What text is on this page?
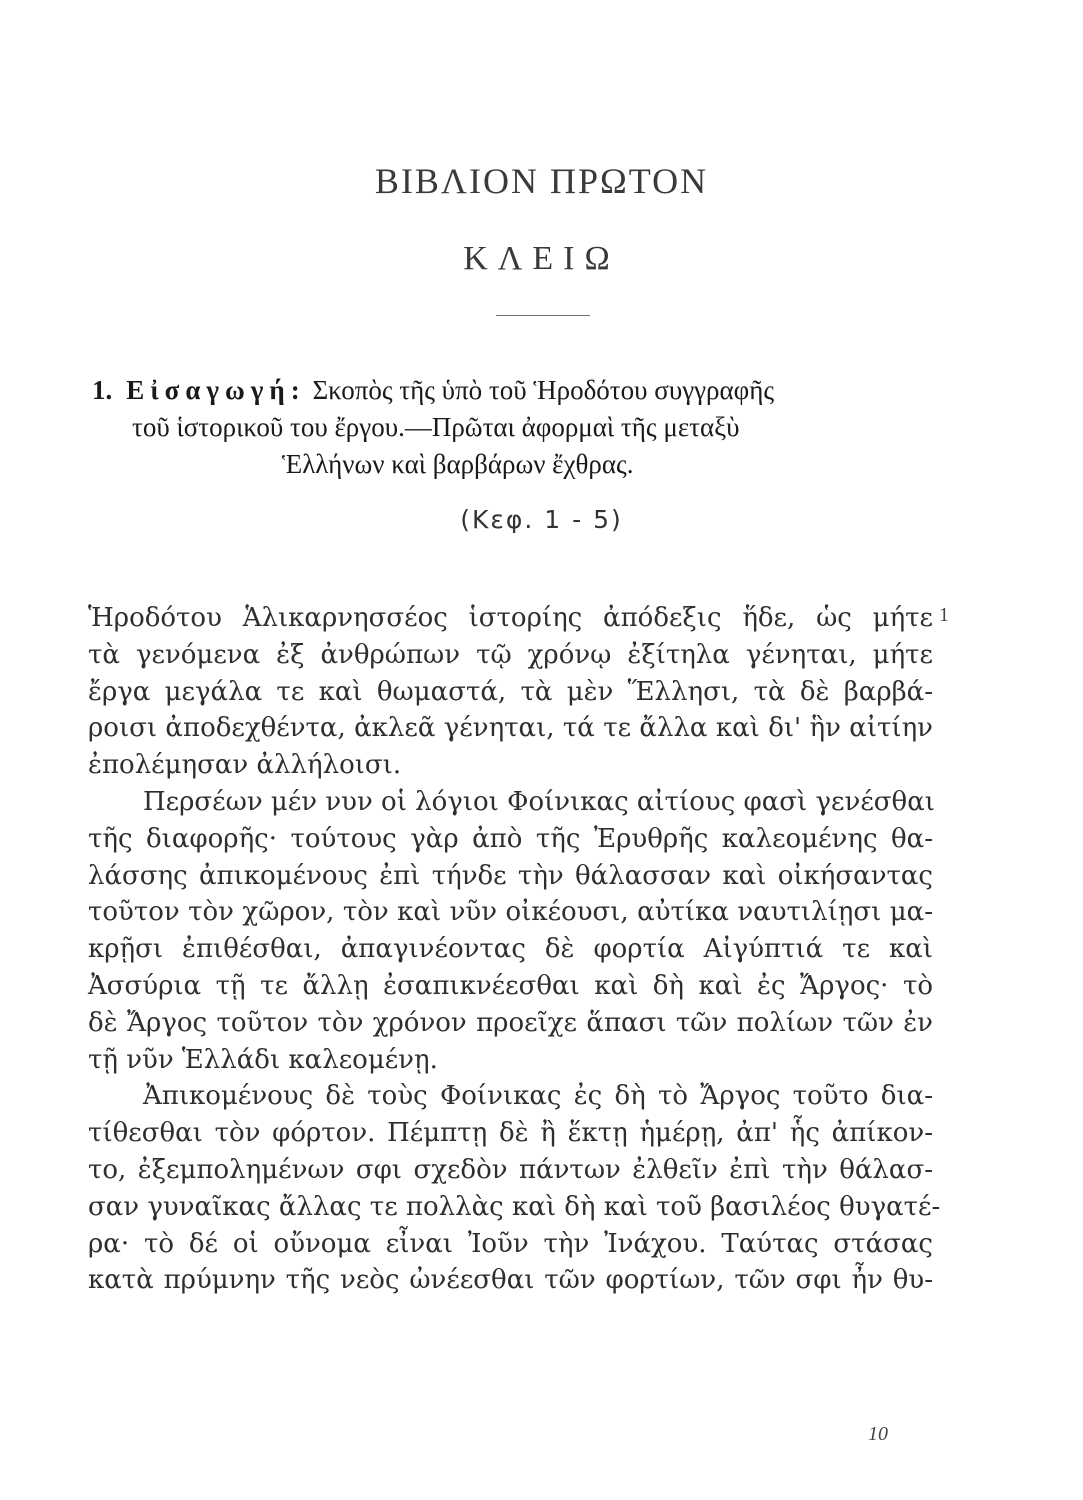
ΒΙΒΛΙΟΝ ΠΡΩΤΟΝ
ΚΛΕΙΩ
1. Εἰσαγωγή: Σκοπὸς τῆς ὑπὸ τοῦ Ἡροδότου συγγραφῆς
τοῦ ἱστορικοῦ του ἔργου.—Πρῶται ἀφορμαὶ τῆς μεταξὺ
Ἑλλήνων καὶ βαρβάρων ἔχθρας.
(Κεφ. 1 - 5)
1
Ἡροδότου Ἁλικαρνησσέος ἱστορίης ἀπόδεξις ἥδε, ὡς μήτε
τὰ γενόμενα ἐξ ἀνθρώπων τῷ χρόνῳ ἐξίτηλα γένηται, μήτε
ἔργα μεγάλα τε καὶ θωμαστά, τὰ μὲν Ἕλλησι, τὰ δὲ βαρβά-
ροισι ἀποδεχθέντα, ἀκλεᾶ γένηται, τά τε ἄλλα καὶ δι' ἣν αἰτίην
ἐπολέμησαν ἀλλήλοισι.
Περσέων μέν νυν οἱ λόγιοι Φοίνικας αἰτίους φασὶ γενέσθαι
τῆς διαφορῆς· τούτους γὰρ ἀπὸ τῆς Ἐρυθρῆς καλεομένης θα-
λάσσης ἀπικομένους ἐπὶ τήνδε τὴν θάλασσαν καὶ οἰκήσαντας
τοῦτον τὸν χῶρον, τὸν καὶ νῦν οἰκέουσι, αὐτίκα ναυτιλίῃσι μα-
κρῇσι ἐπιθέσθαι, ἀπαγινέοντας δὲ φορτία Αἰγύπτιά τε καὶ
Ἀσσύρια τῇ τε ἄλλῃ ἐσαπικνέεσθαι καὶ δὴ καὶ ἐς Ἄργος· τὸ
δὲ Ἄργος τοῦτον τὸν χρόνον προεῖχε ἅπασι τῶν πολίων τῶν ἐν
τῇ νῦν Ἑλλάδι καλεομένῃ.
Ἀπικομένους δὲ τοὺς Φοίνικας ἐς δὴ τὸ Ἄργος τοῦτο δια-
τίθεσθαι τὸν φόρτον. Πέμπτῃ δὲ ἢ ἕκτῃ ἡμέρῃ, ἀπ' ἧς ἀπίκον-
το, ἐξεμπολημένων σφι σχεδὸν πάντων ἐλθεῖν ἐπὶ τὴν θάλασ-
σαν γυναῖκας ἄλλας τε πολλὰς καὶ δὴ καὶ τοῦ βασιλέος θυγατέ-
ρα· τὸ δέ οἱ οὔνομα εἶναι Ἰοῦν τὴν Ἰνάχου. Ταύτας στάσας
κατὰ πρύμνην τῆς νεὸς ὠνέεσθαι τῶν φορτίων, τῶν σφι ἦν θυ-
10
